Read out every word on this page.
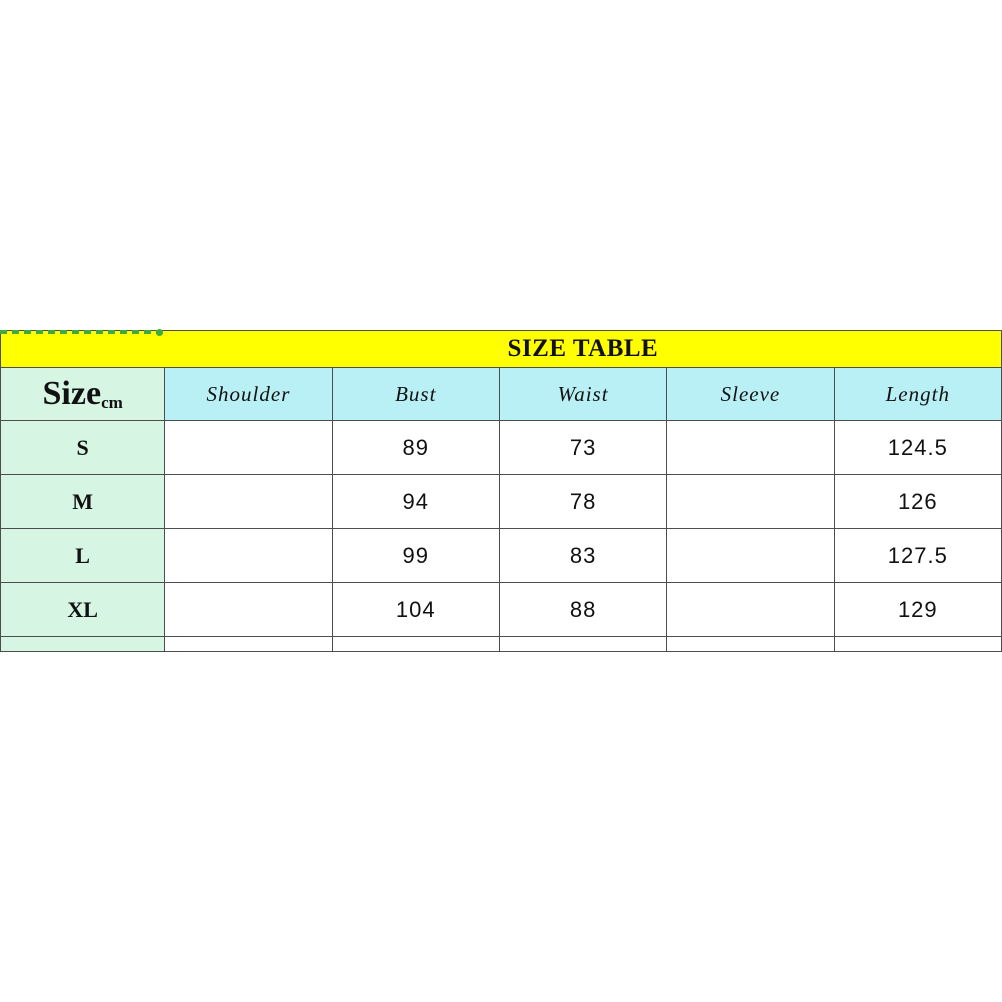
	SIZE TABLE				
Sizecm	Shoulder	Bust	Waist	Sleeve	Length
S		89	73		124.5
M		94	78		126
L		99	83		127.5
XL		104	88		129
